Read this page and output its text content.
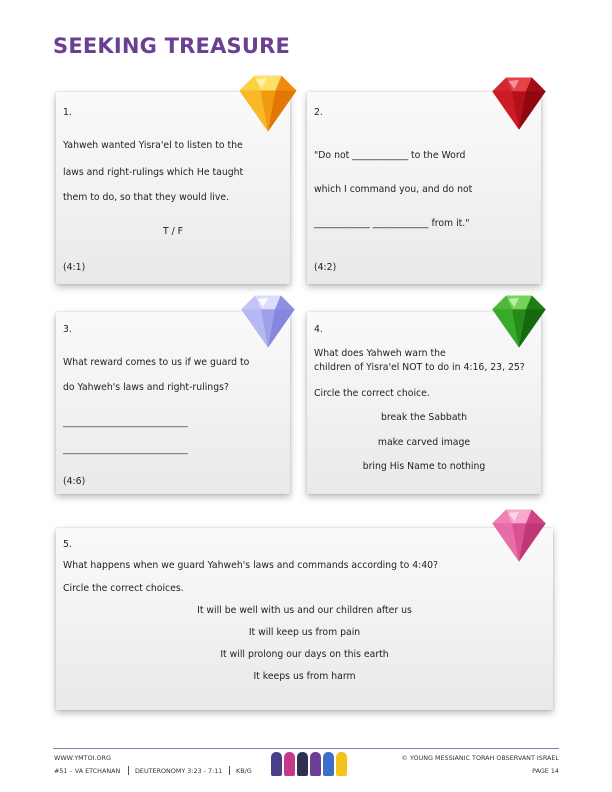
SEEKING TREASURE
1.
Yahweh wanted Yisra'el to listen to the
laws and right-rulings which He taught
them to do, so that they would live.
T / F
(4:1)
2.
"Do not ____________ to the Word
which I command you, and do not
____________ ____________ from it."
(4:2)
3.
What reward comes to us if we guard to
do Yahweh's laws and right-rulings?
________________________________
________________________________
(4:6)
4.
What does Yahweh warn the
children of Yisra'el NOT to do in 4:16, 23, 25?
Circle the correct choice.
break the Sabbath
make carved image
bring His Name to nothing
5.
What happens when we guard Yahweh's laws and commands according to 4:40?
Circle the correct choices.
It will be well with us and our children after us
It will keep us from pain
It will prolong our days on this earth
It keeps us from harm
WWW.YMTOI.ORG
#51 – VA ETCHANAN DEUTERONOMY 3:23 - 7:11 KB/G
© YOUNG MESSIANIC TORAH OBSERVANT ISRAEL
PAGE 14
